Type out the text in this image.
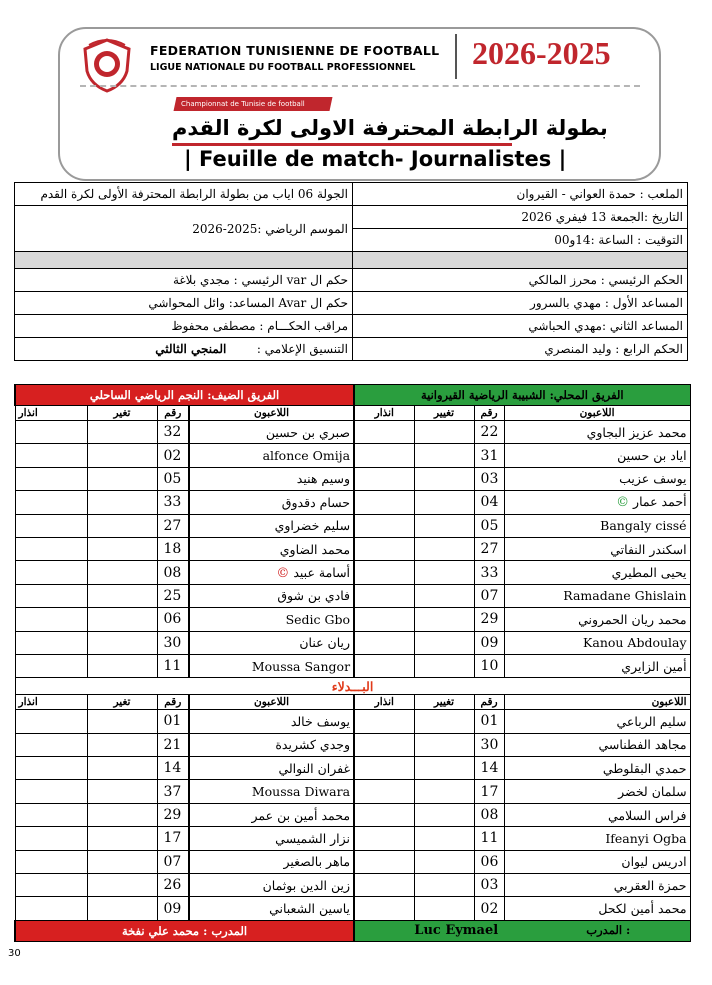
FEDERATION TUNISIENNE DE FOOTBALL
LIGUE NATIONALE DU FOOTBALL PROFESSIONNEL 2026-2025
Championnat de Tunisie de football
بطولة الرابطة المحترفة الاولى لكرة القدم
| Feuille de match- Journalistes |
الجولة 06 اياب من بطولة الرابطة المحترفة الأولى لكرة القدم	الملعب : حمدة العواني - القيروان
الموسم الرياضي :2025-2026	التاريخ :الجمعة 13 فيفري 2026
	التوقيت : الساعة :14و00

حكم ال var الرئيسي : مجدي بلاغة	الحكم الرئيسي : محرز المالكي
حكم ال Avar المساعد: وائل المحواشي	المساعد الأول : مهدي بالسرور
مراقب الحكـــام : مصطفى محفوظ	المساعد الثاني :مهدي الحباشي
التنسيق الإعلامي :        المنجي الثالثي	الحكم الرابع : وليد المنصري
الفريق الضيف: النجم الرياضي الساحلي				الفريق المحلي: الشبيبة الرياضية القيروانية			
انذار	تغير	رقم	اللاعبون	انذار	تغيير	رقم	اللاعبون
		32	صبري بن حسين			22	محمد عزيز البجاوي
		02	alfonce Omija			31	اياد بن حسين
		05	وسيم هنيد			03	يوسف عزيب
		33	حسام دقدوق			04	أحمد عمار ©
		27	سليم خضراوي			05	Bangaly cissé
		18	محمد الضاوي			27	اسكندر النفاتي
		08	أسامة عبيد ©			33	يحيى المطيري
		25	فادي بن شوق			07	Ramadane Ghislain
		06	Sedic Gbo			29	محمد ريان الحمروني
		30	ريان عنان			09	Kanou Abdoulay
		11	Moussa Sangor			10	أمين الزايري
البـــدلاء							
انذار	تغير	رقم	اللاعبون	انذار	تغيير	رقم	اللاعبون
		01	يوسف خالد			01	سليم الرباعي
		21	وجدي كشريدة			30	مجاهد الفطناسي
		14	غفران النوالي			14	حمدي البقلوطي
		37	Moussa Diwara			17	سلمان لخضر
		29	محمد أمين بن عمر			08	فراس السلامي
		17	نزار الشميسي			11	Ifeanyi Ogba
		07	ماهر بالصغير			06	ادريس ليوان
		26	زين الدين بوثمان			03	حمزة العقربي
		09	ياسين الشعباني			02	محمد أمين لكحل
المدرب : محمد علي نفخة				Luc Eymael المدرب :			
30
